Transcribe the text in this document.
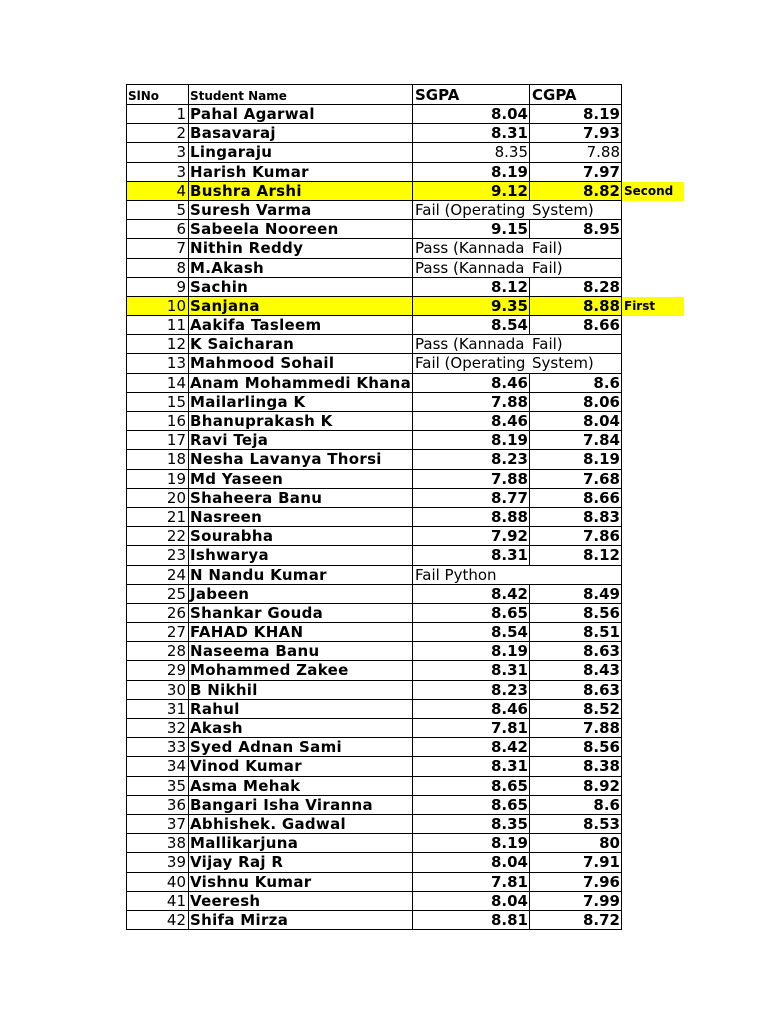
SlNo	Student Name	SGPA	CGPA
1 Pahal Agarwal	8.04	8.19
2 Basavaraj	8.31	7.93
3 Lingaraju	8.35	7.88
3 Harish Kumar	8.19	7.97
4 Bushra Arshi	9.12	8.82 Second
5 Suresh Varma	Fail (Operating System)
6 Sabeela Nooreen	9.15	8.95
7 Nithin Reddy	Pass (Kannada Fail)
8 M.Akash	Pass (Kannada Fail)
9 Sachin	8.12	8.28
10 Sanjana	9.35	8.88 First
11 Aakifa Tasleem	8.54	8.66
12 K Saicharan	Pass (Kannada Fail)
13 Mahmood Sohail	Fail (Operating System)
14 Anam Mohammedi Khana	8.46	8.6
15 Mailarlinga K	7.88	8.06
16 Bhanuprakash K	8.46	8.04
17 Ravi Teja	8.19	7.84
18 Nesha Lavanya Thorsi	8.23	8.19
19 Md Yaseen	7.88	7.68
20 Shaheera Banu	8.77	8.66
21 Nasreen	8.88	8.83
22 Sourabha	7.92	7.86
23 Ishwarya	8.31	8.12
24 N Nandu Kumar	Fail Python
25 Jabeen	8.42	8.49
26 Shankar Gouda	8.65	8.56
27 FAHAD KHAN	8.54	8.51
28 Naseema Banu	8.19	8.63
29 Mohammed Zakee	8.31	8.43
30 B Nikhil	8.23	8.63
31 Rahul	8.46	8.52
32 Akash	7.81	7.88
33 Syed Adnan Sami	8.42	8.56
34 Vinod Kumar	8.31	8.38
35 Asma Mehak	8.65	8.92
36 Bangari Isha Viranna	8.65	8.6
37 Abhishek. Gadwal	8.35	8.53
38 Mallikarjuna	8.19	80
39 Vijay Raj R	8.04	7.91
40 Vishnu Kumar	7.81	7.96
41 Veeresh	8.04	7.99
42 Shifa Mirza	8.81	8.72
